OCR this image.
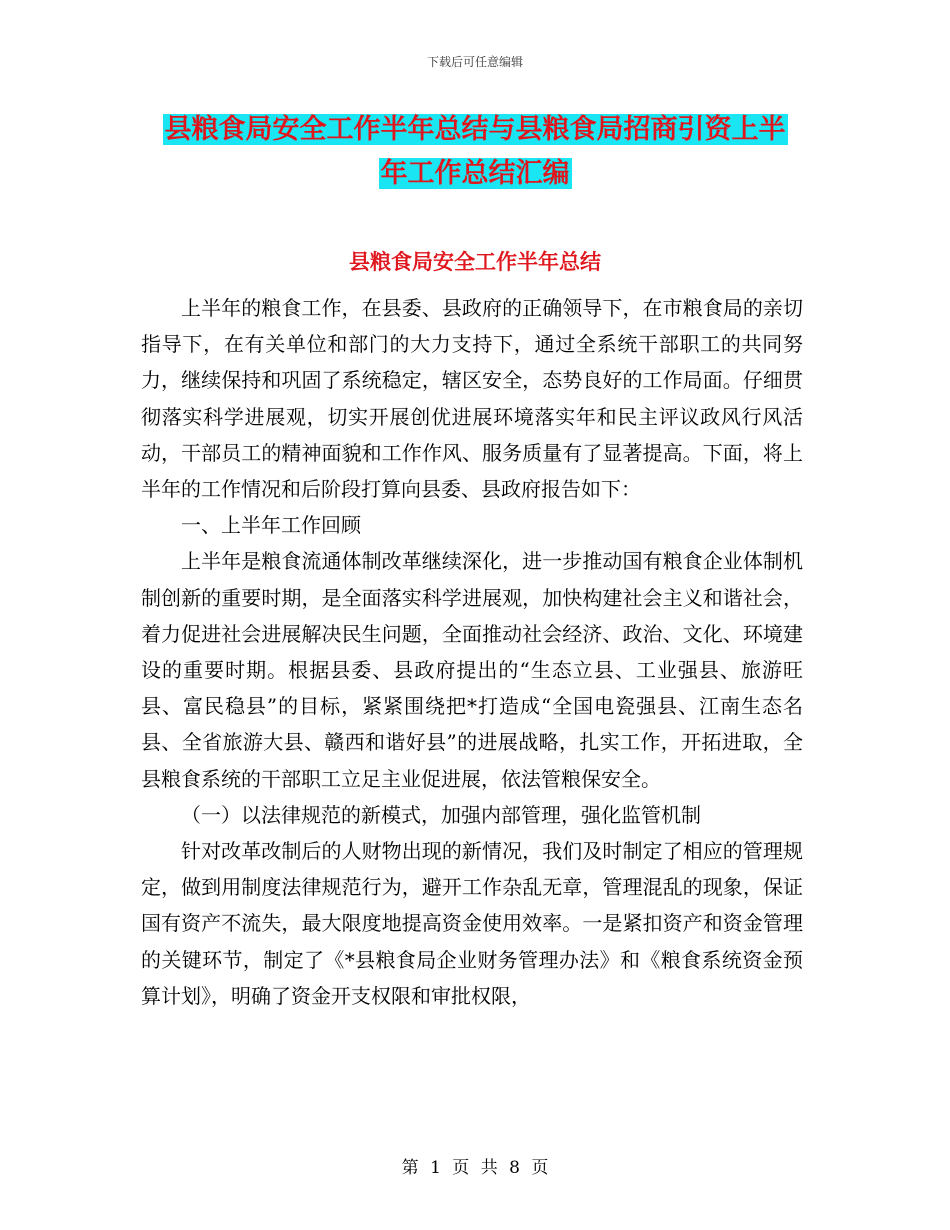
下载后可任意编辑
县粮食局安全工作半年总结与县粮食局招商引资上半
年工作总结汇编
县粮食局安全工作半年总结

上半年的粮食工作，在县委、县政府的正确领导下，在市粮食局的亲切指导下，在有关单位和部门的大力支持下，通过全系统干部职工的共同努力，继续保持和巩固了系统稳定，辖区安全，态势良好的工作局面。仔细贯彻落实科学进展观，切实开展创优进展环境落实年和民主评议政风行风活动，干部员工的精神面貌和工作作风、服务质量有了显著提高。下面，将上半年的工作情况和后阶段打算向县委、县政府报告如下：

一、上半年工作回顾

上半年是粮食流通体制改革继续深化，进一步推动国有粮食企业体制机制创新的重要时期，是全面落实科学进展观，加快构建社会主义和谐社会，着力促进社会进展解决民生问题，全面推动社会经济、政治、文化、环境建设的重要时期。根据县委、县政府提出的“生态立县、工业强县、旅游旺县、富民稳县”的目标，紧紧围绕把*打造成“全国电瓷强县、江南生态名县、全省旅游大县、赣西和谐好县”的进展战略，扎实工作，开拓进取，全县粮食系统的干部职工立足主业促进展，依法管粮保安全。

（一）以法律规范的新模式，加强内部管理，强化监管机制

针对改革改制后的人财物出现的新情况，我们及时制定了相应的管理规定，做到用制度法律规范行为，避开工作杂乱无章，管理混乱的现象，保证国有资产不流失，最大限度地提高资金使用效率。一是紧扣资产和资金管理的关键环节，制定了《*县粮食局企业财务管理办法》和《粮食系统资金预算计划》，明确了资金开支权限和审批权限，

第 1 页 共 8 页
